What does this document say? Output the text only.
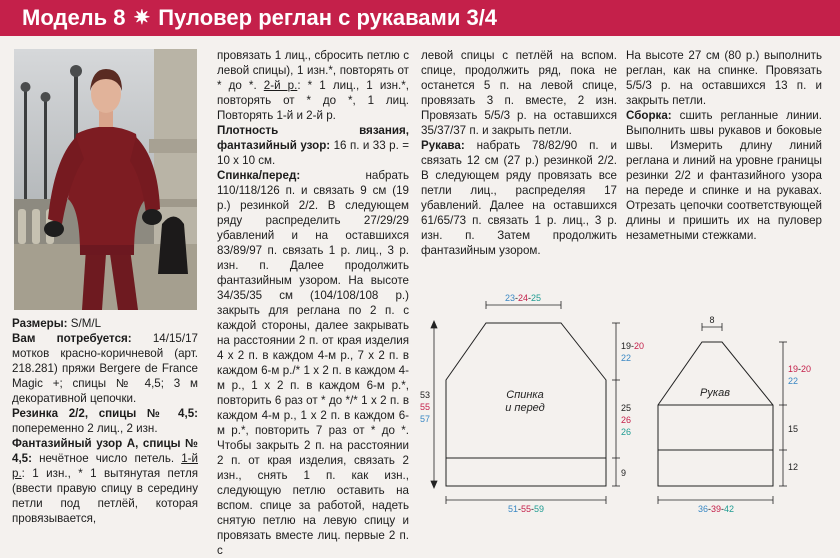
Модель 8 ✷ Пуловер реглан с рукавами 3/4

Размеры: S/M/L

Вам потребуется: 14/15/17 мотков красно-коричневой (арт. 218.281) пряжи Bergere de France Magic +; спицы № 4,5; 3 м декоративной цепочки.

Резинка 2/2, спицы № 4,5: попеременно 2 лиц., 2 изн.

Фантазийный узор А, спицы № 4,5: нечётное число петель. 1-й р.: 1 изн., * 1 вытянутая петля (ввести правую спицу в середину петли под петлёй, которая провязывается,

провязать 1 лиц., сбросить петлю с левой спицы), 1 изн.*, повторять от * до *. 2-й р.: * 1 лиц., 1 изн.*, повторять от * до *, 1 лиц. Повторять 1-й и 2-й р.

Плотность вязания, фантазийный узор: 16 п. и 33 р. = 10 х 10 см.

Спинка/перед:	набрать 110/118/126 п. и связать 9 см (19 р.) резинкой 2/2. В следующем ряду распределить 27/29/29 убавлений и на оставшихся 83/89/97 п. связать 1 р. лиц., 3 р. изн. п. Далее продолжить фантазийным узором. На высоте 34/35/35 см (104/108/108 р.) закрыть для реглана по 2 п. с каждой стороны, далее закрывать на расстоянии 2 п. от края изделия 4 х 2 п. в каждом 4-м р., 7 х 2 п. в каждом 6-м р./* 1 х 2 п. в каждом 4-м р., 1 х 2 п. в каждом 6-м р.*, повторить 6 раз от * до */* 1 х 2 п. в каждом 4-м р., 1 х 2 п. в каждом 6-м р.*, повторить 7 раз от * до *. Чтобы закрыть 2 п. на расстоянии 2 п. от края изделия, связать 2 изн., снять 1 п. как изн., следующую петлю оставить на вспом. спице за работой, надеть снятую петлю на левую спицу и провязать вместе лиц. первые 2 п. с

левой спицы с петлёй на вспом. спице, продолжить ряд, пока не останется 5 п. на левой спице, провязать 3 п. вместе, 2 изн. Провязать 5/5/3 р. на оставшихся 35/37/37 п. и закрыть петли.

Рукава: набрать 78/82/90 п. и связать 12 см (27 р.) резинкой 2/2. В следующем ряду провязать все петли лиц., распределяя 17 убавлений. Далее на оставшихся 61/65/73 п. связать 1 р. лиц., 3 р. изн. п. Затем продолжить фантазийным узором.

На высоте 27 см (80 р.) выполнить реглан, как на спинке. Провязать 5/5/3 р. на оставшихся 13 п. и закрыть петли.

Сборка: сшить регланные линии. Выполнить швы рукавов и боковые швы. Измерить длину линий реглана и линий на уровне границы резинки 2/2 и фантазийного узора на переде и спинке и на рукавах. Отрезать цепочки соответствующей длины и пришить их на пуловер незаметными стежками.

23-24-25
51-55-59
53
55
57
19-20
22
25
26
26
9
Спинка
и перед
8
36-39-42
19-20
22
15
12
Рукав
